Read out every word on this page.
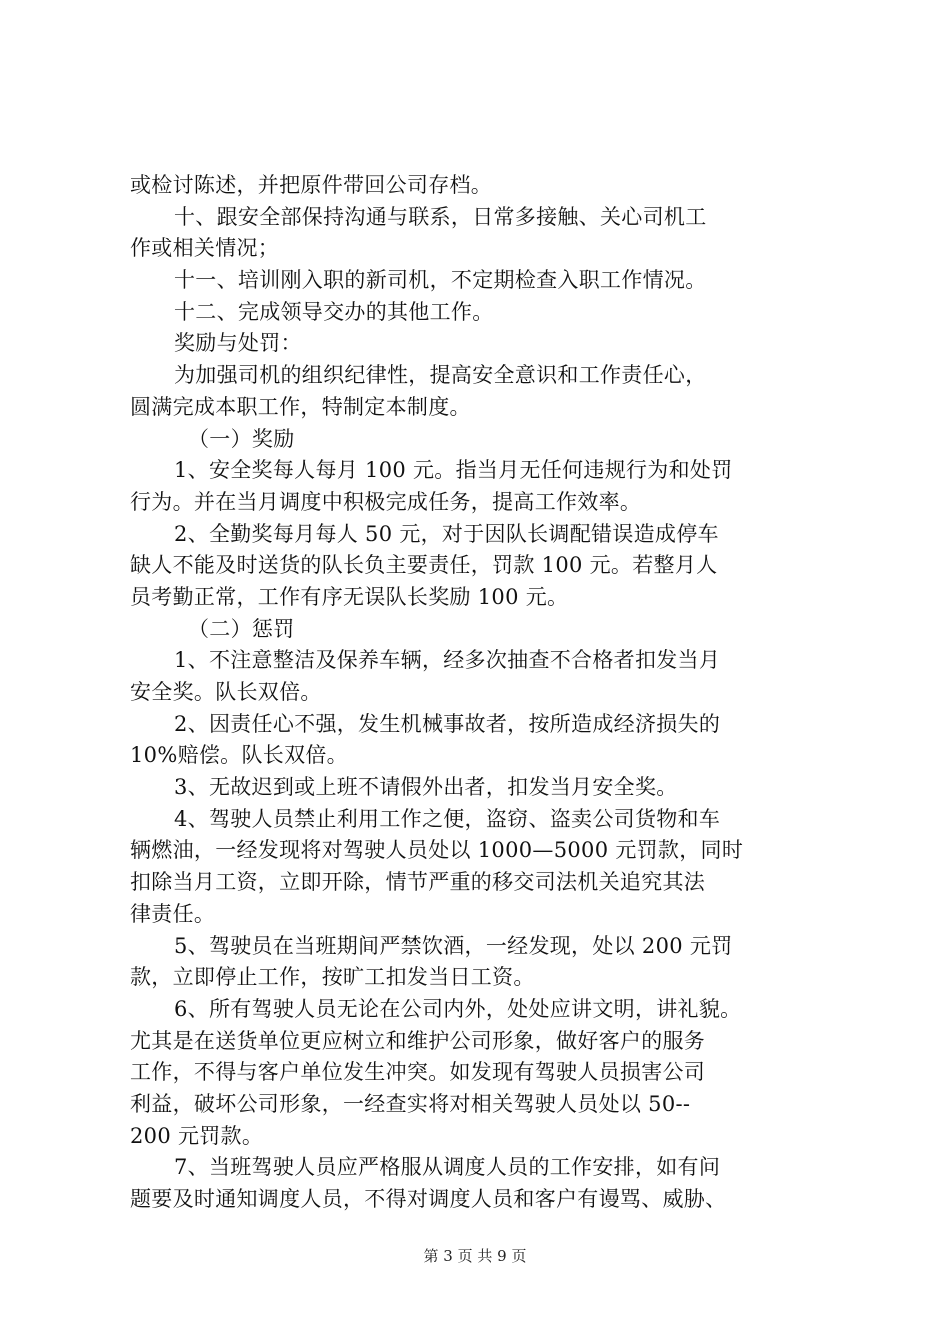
或检讨陈述，并把原件带回公司存档。
十、跟安全部保持沟通与联系，日常多接触、关心司机工
作或相关情况；
十一、培训刚入职的新司机，不定期检查入职工作情况。
十二、完成领导交办的其他工作。
奖励与处罚：
为加强司机的组织纪律性，提高安全意识和工作责任心，
圆满完成本职工作，特制定本制度。
（一）奖励
1、安全奖每人每月 100 元。指当月无任何违规行为和处罚
行为。并在当月调度中积极完成任务，提高工作效率。
2、全勤奖每月每人 50 元，对于因队长调配错误造成停车
缺人不能及时送货的队长负主要责任，罚款 100 元。若整月人
员考勤正常，工作有序无误队长奖励 100 元。
（二）惩罚
1、不注意整洁及保养车辆，经多次抽查不合格者扣发当月
安全奖。队长双倍。
2、因责任心不强，发生机械事故者，按所造成经济损失的
10%赔偿。队长双倍。
3、无故迟到或上班不请假外出者，扣发当月安全奖。
4、驾驶人员禁止利用工作之便，盗窃、盗卖公司货物和车
辆燃油，一经发现将对驾驶人员处以 1000—5000 元罚款，同时
扣除当月工资，立即开除，情节严重的移交司法机关追究其法
律责任。
5、驾驶员在当班期间严禁饮酒，一经发现，处以 200 元罚
款，立即停止工作，按旷工扣发当日工资。
6、所有驾驶人员无论在公司内外，处处应讲文明，讲礼貌。
尤其是在送货单位更应树立和维护公司形象，做好客户的服务
工作，不得与客户单位发生冲突。如发现有驾驶人员损害公司
利益，破坏公司形象，一经查实将对相关驾驶人员处以 50--
200 元罚款。
7、当班驾驶人员应严格服从调度人员的工作安排，如有问
题要及时通知调度人员，不得对调度人员和客户有谩骂、威胁、
第 3 页 共 9 页
